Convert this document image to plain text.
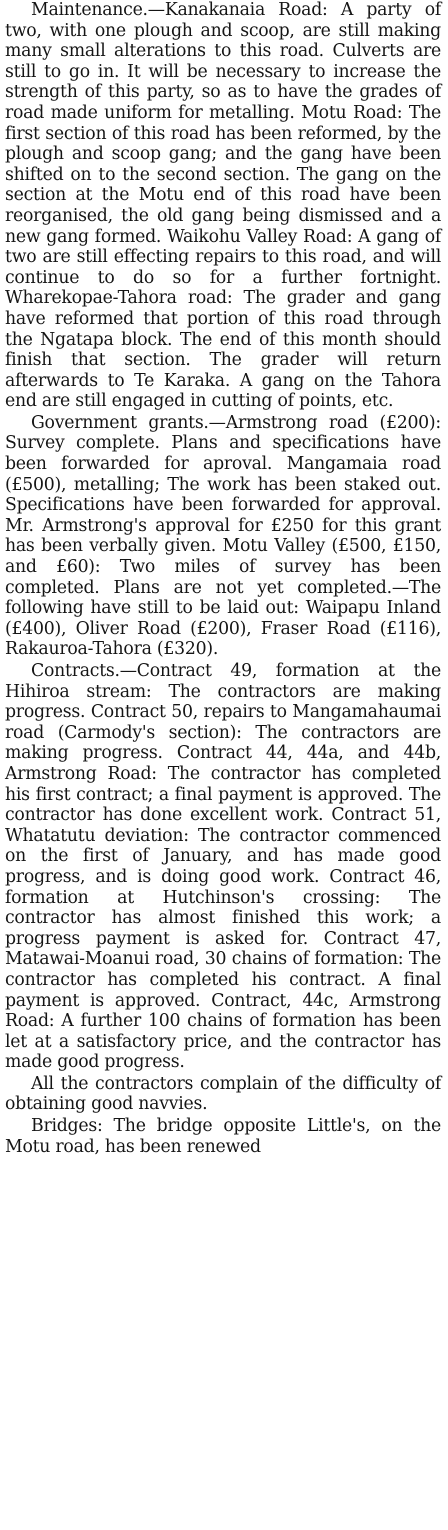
Maintenance.—Kanakanaia Road: A party of two, with one plough and scoop, are still making many small alterations to this road. Culverts are still to go in. It will be necessary to increase the strength of this party, so as to have the grades of road made uniform for metalling. Motu Road: The first section of this road has been reformed, by the plough and scoop gang; and the gang have been shifted on to the second section. The gang on the section at the Motu end of this road have been reorganised, the old gang being dismissed and a new gang formed. Waikohu Valley Road: A gang of two are still effecting repairs to this road, and will continue to do so for a further fortnight. Wharekopae-Tahora road: The grader and gang have reformed that portion of this road through the Ngatapa block. The end of this month should finish that section. The grader will return afterwards to Te Karaka. A gang on the Tahora end are still engaged in cutting of points, etc.

Government grants.—Armstrong road (£200): Survey complete. Plans and specifications have been forwarded for aproval. Mangamaia road (£500), metalling; The work has been staked out. Specifications have been forwarded for approval. Mr. Armstrong's approval for £250 for this grant has been verbally given. Motu Valley (£500, £150, and £60): Two miles of survey has been completed. Plans are not yet completed.—The following have still to be laid out: Waipapu Inland (£400), Oliver Road (£200), Fraser Road (£116), Rakauroa-Tahora (£320).

Contracts.—Contract 49, formation at the Hihiroa stream: The contractors are making progress. Contract 50, repairs to Mangamahaumai road (Carmody's section): The contractors are making progress. Contract 44, 44a, and 44b, Armstrong Road: The contractor has completed his first contract; a final payment is approved. The contractor has done excellent work. Contract 51, Whatatutu deviation: The contractor commenced on the first of January, and has made good progress, and is doing good work. Contract 46, formation at Hutchinson's crossing: The contractor has almost finished this work; a progress payment is asked for. Contract 47, Matawai-Moanui road, 30 chains of formation: The contractor has completed his contract. A final payment is approved. Contract, 44c, Armstrong Road: A further 100 chains of formation has been let at a satisfactory price, and the contractor has made good progress.

All the contractors complain of the difficulty of obtaining good navvies.

Bridges: The bridge opposite Little's, on the Motu road, has been renewed
